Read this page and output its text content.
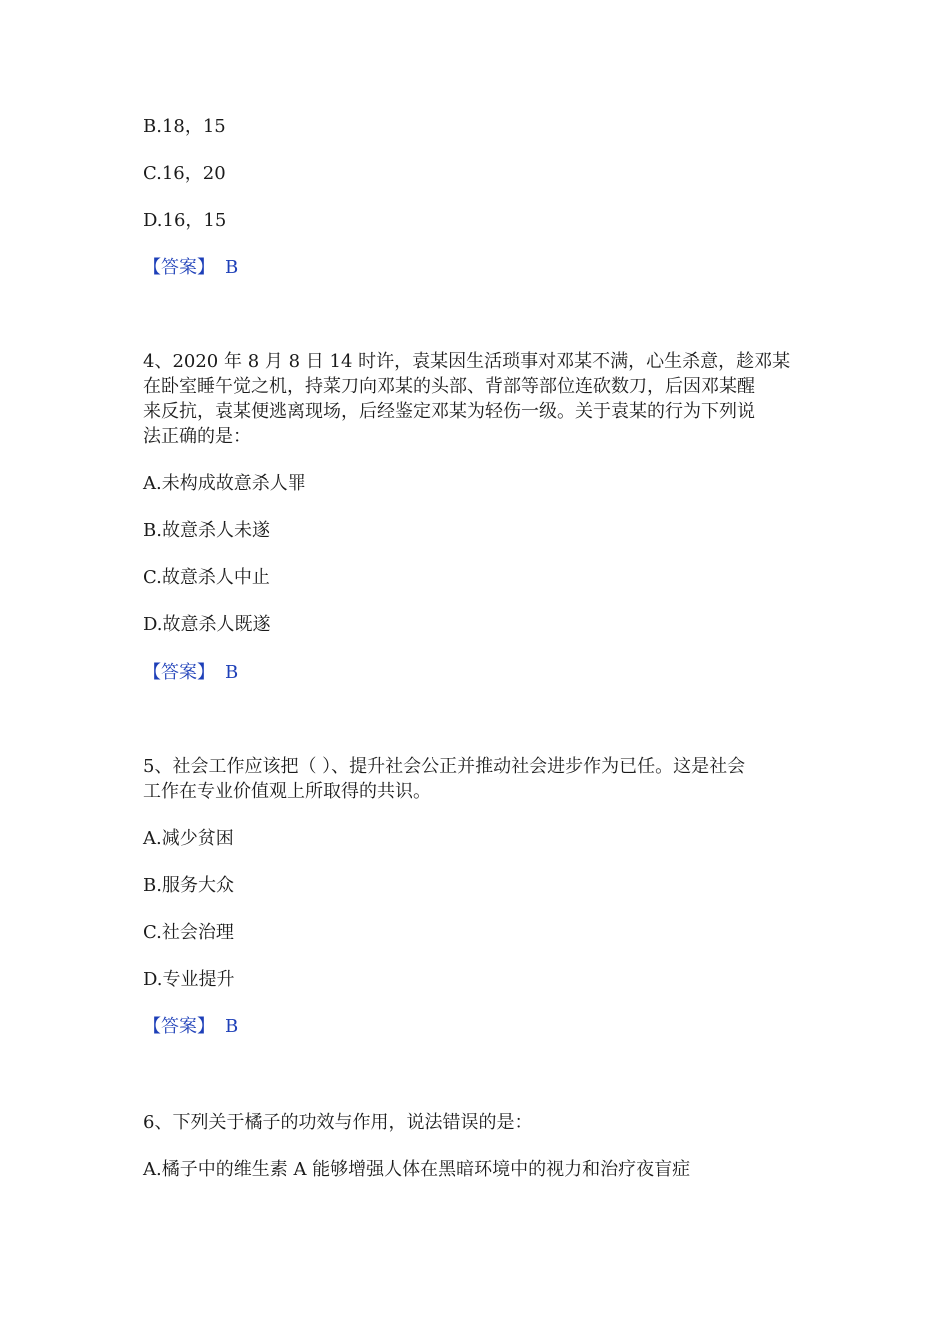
B.18，15
C.16，20
D.16，15
【答案】 B
4、2020 年 8 月 8 日 14 时许，袁某因生活琐事对邓某不满，心生杀意，趁邓某
在卧室睡午觉之机，持菜刀向邓某的头部、背部等部位连砍数刀，后因邓某醒
来反抗，袁某便逃离现场，后经鉴定邓某为轻伤一级。关于袁某的行为下列说
法正确的是：
A.未构成故意杀人罪
B.故意杀人未遂
C.故意杀人中止
D.故意杀人既遂
【答案】 B
5、社会工作应该把（ ）、提升社会公正并推动社会进步作为已任。这是社会
工作在专业价值观上所取得的共识。
A.减少贫困
B.服务大众
C.社会治理
D.专业提升
【答案】 B
6、下列关于橘子的功效与作用，说法错误的是：
A.橘子中的维生素 A 能够增强人体在黑暗环境中的视力和治疗夜盲症
